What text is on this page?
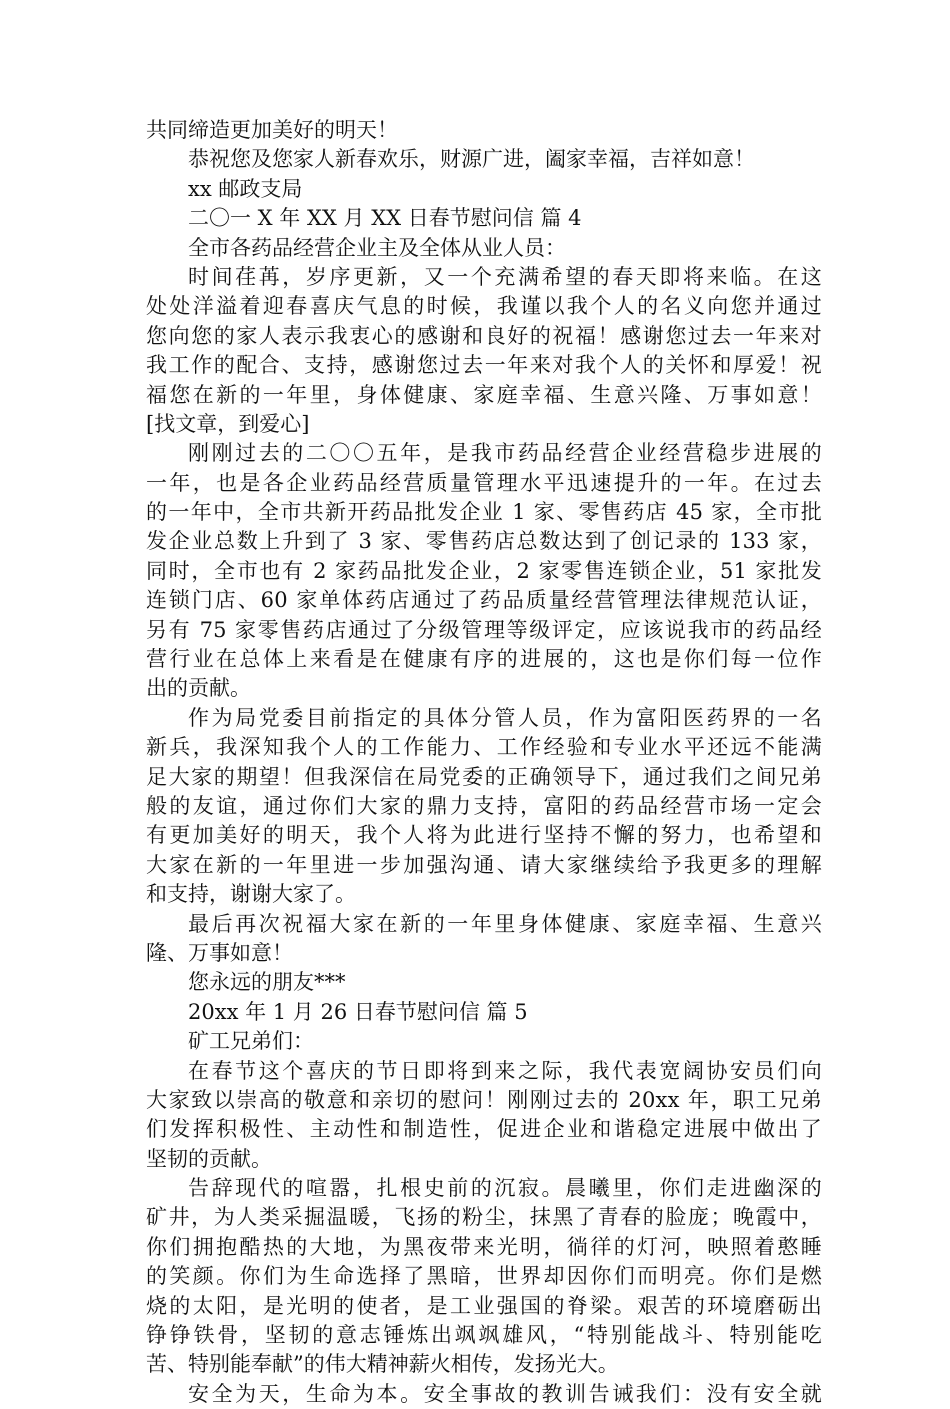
共同缔造更加美好的明天！
恭祝您及您家人新春欢乐，财源广进，阖家幸福，吉祥如意！
xx 邮政支局
二〇一 X 年 XX 月 XX 日春节慰问信 篇 4
全市各药品经营企业主及全体从业人员：
时间荏苒，岁序更新，又一个充满希望的春天即将来临。在这
处处洋溢着迎春喜庆气息的时候，我谨以我个人的名义向您并通过
您向您的家人表示我衷心的感谢和良好的祝福！感谢您过去一年来对
我工作的配合、支持，感谢您过去一年来对我个人的关怀和厚爱！祝
福您在新的一年里，身体健康、家庭幸福、生意兴隆、万事如意！
[找文章，到爱心]
刚刚过去的二〇〇五年，是我市药品经营企业经营稳步进展的
一年，也是各企业药品经营质量管理水平迅速提升的一年。在过去
的一年中，全市共新开药品批发企业 1 家、零售药店 45 家，全市批
发企业总数上升到了 3 家、零售药店总数达到了创记录的 133 家，
同时，全市也有 2 家药品批发企业，2 家零售连锁企业，51 家批发
连锁门店、60 家单体药店通过了药品质量经营管理法律规范认证，
另有 75 家零售药店通过了分级管理等级评定，应该说我市的药品经
营行业在总体上来看是在健康有序的进展的，这也是你们每一位作
出的贡献。
作为局党委目前指定的具体分管人员，作为富阳医药界的一名
新兵，我深知我个人的工作能力、工作经验和专业水平还远不能满
足大家的期望！但我深信在局党委的正确领导下，通过我们之间兄弟
般的友谊，通过你们大家的鼎力支持，富阳的药品经营市场一定会
有更加美好的明天，我个人将为此进行坚持不懈的努力，也希望和
大家在新的一年里进一步加强沟通、请大家继续给予我更多的理解
和支持，谢谢大家了。
最后再次祝福大家在新的一年里身体健康、家庭幸福、生意兴
隆、万事如意！
您永远的朋友***
20xx 年 1 月 26 日春节慰问信 篇 5
矿工兄弟们：
在春节这个喜庆的节日即将到来之际，我代表宽阔协安员们向
大家致以崇高的敬意和亲切的慰问！刚刚过去的 20xx 年，职工兄弟
们发挥积极性、主动性和制造性，促进企业和谐稳定进展中做出了
坚韧的贡献。
告辞现代的喧嚣，扎根史前的沉寂。晨曦里，你们走进幽深的
矿井，为人类采掘温暖，飞扬的粉尘，抹黑了青春的脸庞；晚霞中，
你们拥抱酷热的大地，为黑夜带来光明，徜徉的灯河，映照着憨睡
的笑颜。你们为生命选择了黑暗，世界却因你们而明亮。你们是燃
烧的太阳，是光明的使者，是工业强国的脊梁。艰苦的环境磨砺出
铮铮铁骨，坚韧的意志锤炼出飒飒雄风，“特别能战斗、特别能吃
苦、特别能奉献”的伟大精神薪火相传，发扬光大。
安全为天，生命为本。安全事故的教训告诫我们：没有安全就
